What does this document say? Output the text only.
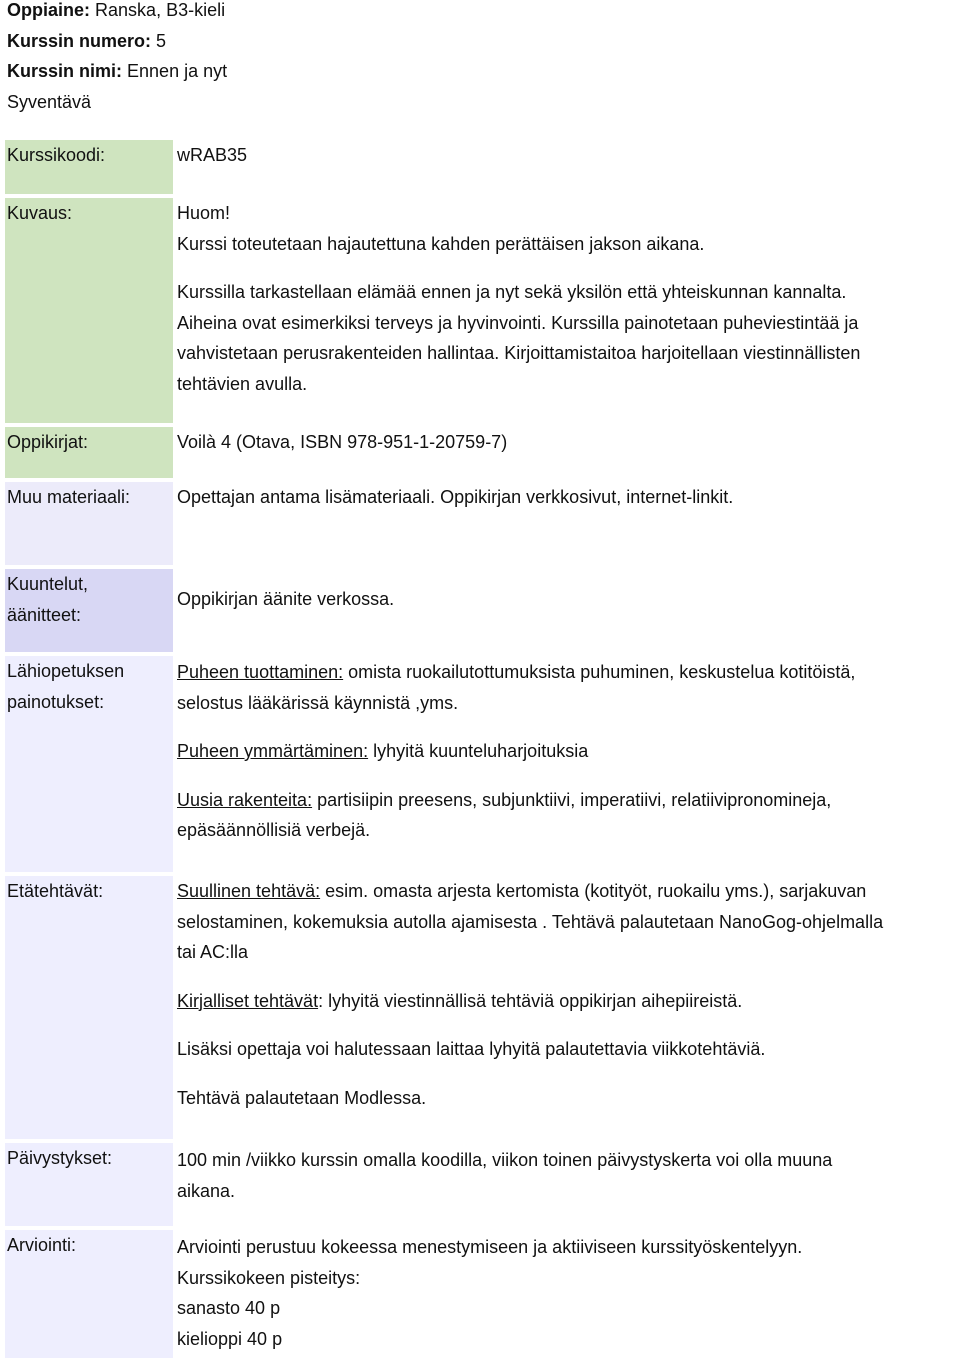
Oppiaine: Ranska, B3-kieli
Kurssin numero: 5
Kurssin nimi: Ennen ja nyt
Syventävä
Kurssikoodi:
Kuvaus:
Oppikirjat:
Muu materiaali:
Kuuntelut,
äänitteet:
Lähiopetuksen
painotukset:
Etätehtävät:
Päivystykset:
Arviointi:

wRAB35

Huom!

Kurssi toteutetaan hajautettuna kahden perättäisen jakson aikana.

Kurssilla tarkastellaan elämää ennen ja nyt sekä yksilön että yhteiskunnan kannalta.

Aiheina ovat esimerkiksi terveys ja hyvinvointi. Kurssilla painotetaan puheviestintää ja

vahvistetaan perusrakenteiden hallintaa. Kirjoittamistaitoa harjoitellaan viestinnällisten

tehtävien avulla.

Voilà 4 (Otava, ISBN 978-951-1-20759-7)

Opettajan antama lisämateriaali. Oppikirjan verkkosivut, internet-linkit.

Oppikirjan äänite verkossa.

Puheen tuottaminen: omista ruokailutottumuksista puhuminen, keskustelua kotitöistä,

selostus lääkärissä käynnistä ,yms.

Puheen ymmärtäminen: lyhyitä kuunteluharjoituksia

Uusia rakenteita: partisiipin preesens, subjunktiivi, imperatiivi, relatiivipronomineja,

epäsäännöllisiä verbejä.

Suullinen tehtävä: esim. omasta arjesta kertomista (kotityöt, ruokailu yms.), sarjakuvan

selostaminen, kokemuksia autolla ajamisesta . Tehtävä palautetaan NanoGog-ohjelmalla

tai AC:lla

Kirjalliset tehtävät: lyhyitä viestinnällisä tehtäviä oppikirjan aihepiireistä.

Lisäksi opettaja voi halutessaan laittaa lyhyitä palautettavia viikkotehtäviä.

Tehtävä palautetaan Modlessa.

100 min /viikko kurssin omalla koodilla, viikon toinen päivystyskerta voi olla muuna

aikana.

Arviointi perustuu kokeessa menestymiseen ja aktiiviseen kurssityöskentelyyn.

Kurssikokeen pisteitys:

sanasto 40 p

kielioppi 40 p
